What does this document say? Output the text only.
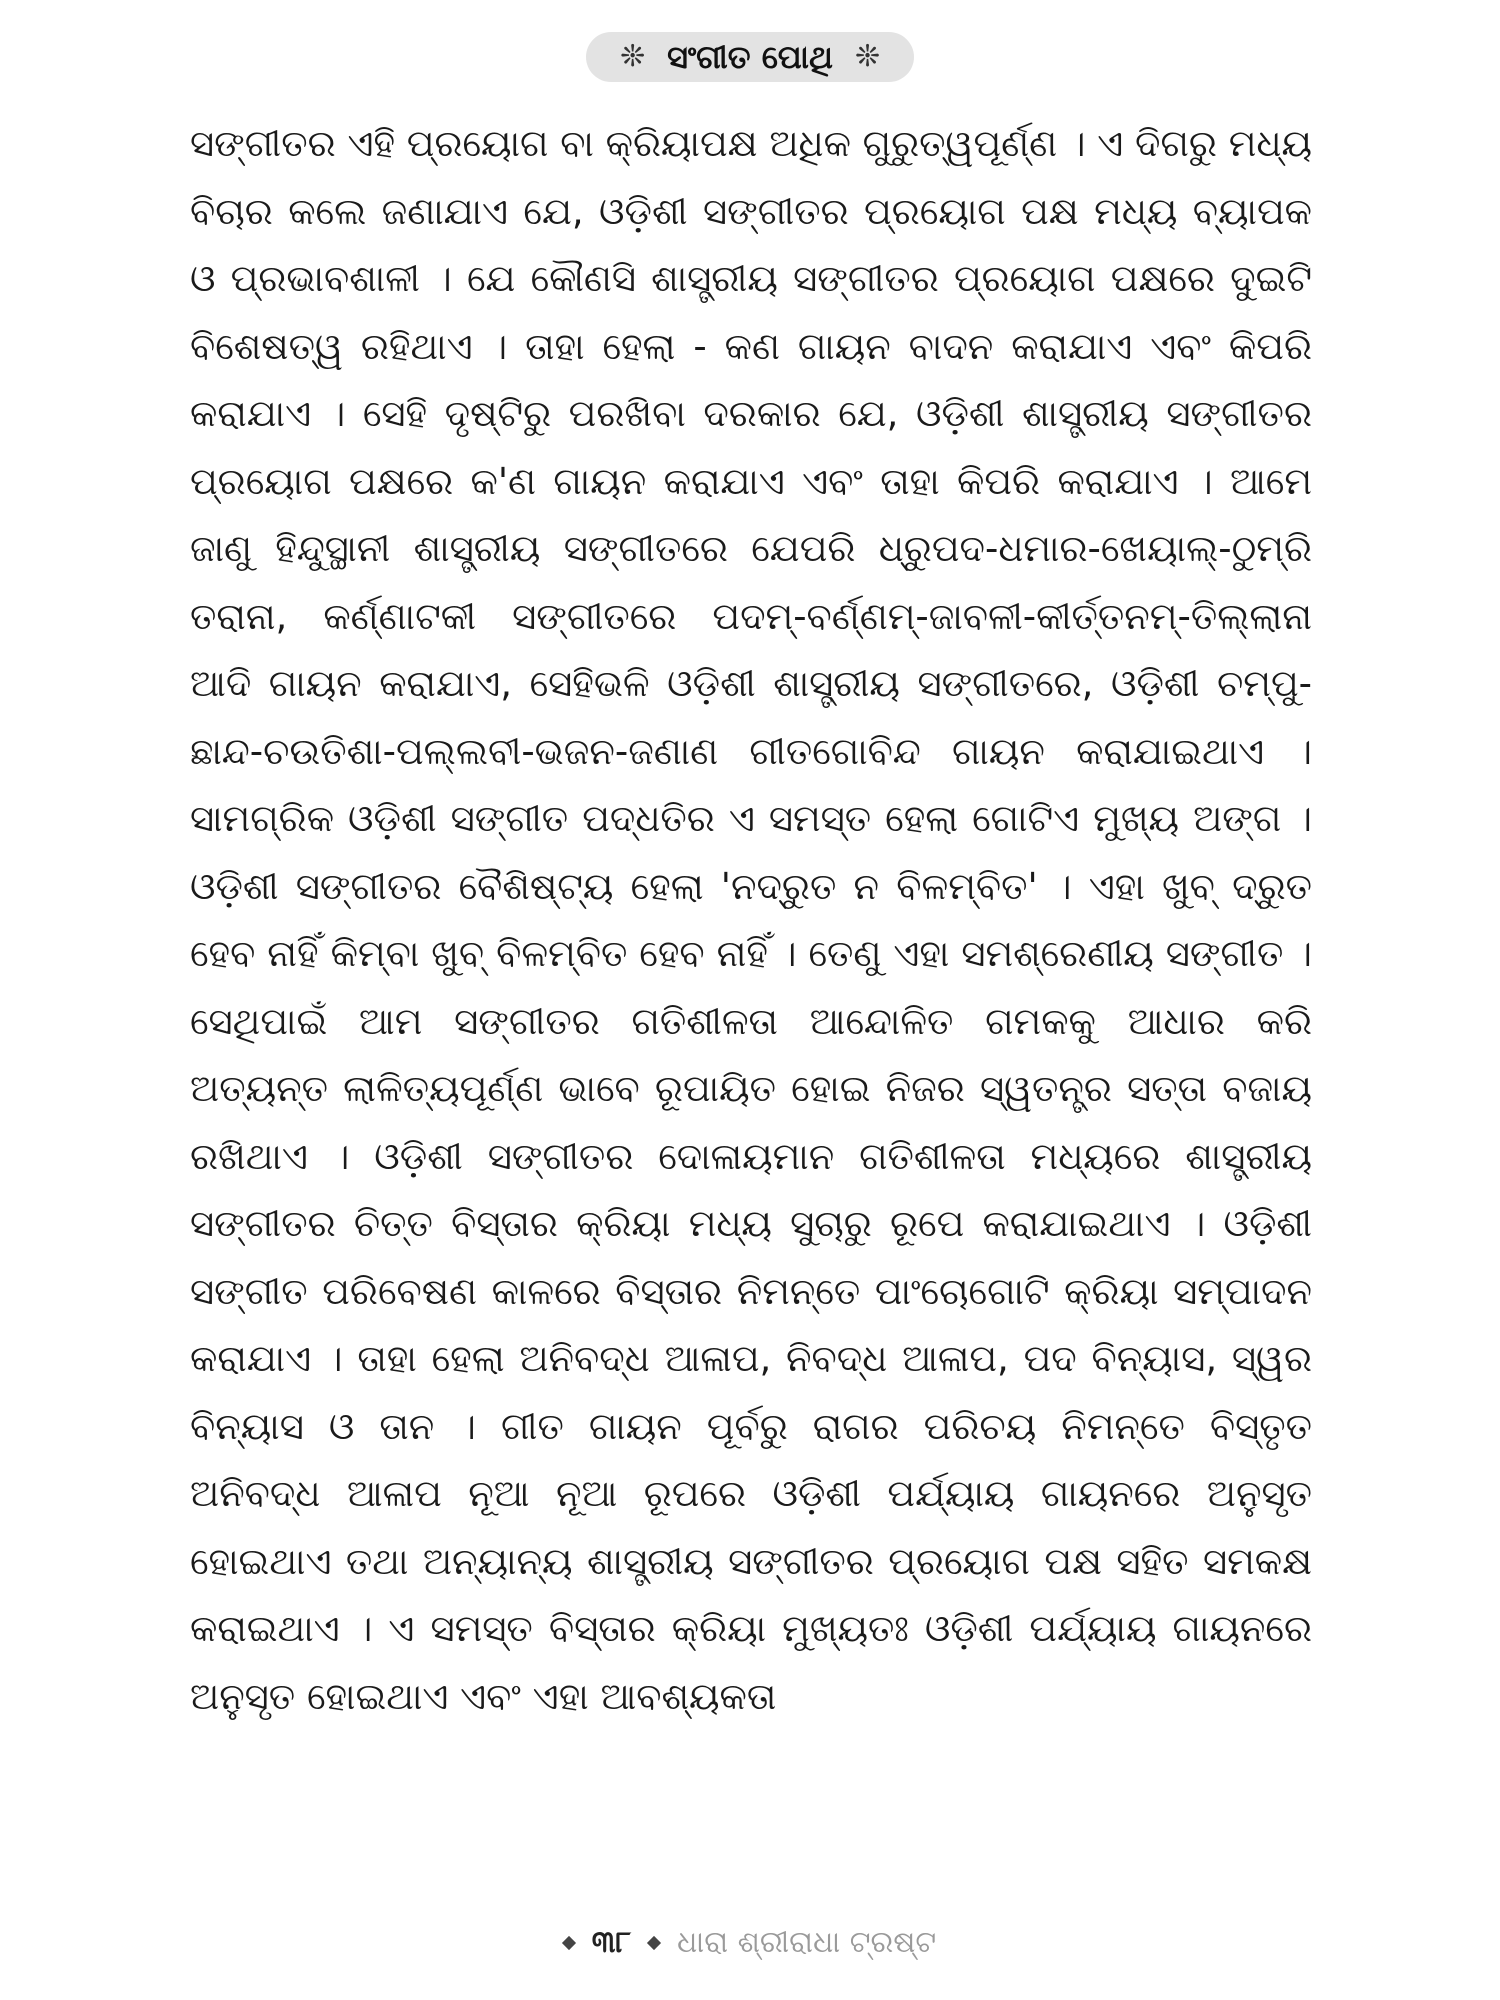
❊ ସଂଗୀତ ପୋଥି ❊

ସଙ୍ଗୀତର ଏହି ପ୍ରୟୋଗ ବା କ୍ରିୟାପକ୍ଷ ଅଧିକ ଗୁରୁତ୍ୱପୂର୍ଣ୍ଣ । ଏ ଦିଗରୁ ମଧ୍ୟ ବିଚାର କଲେ ଜଣାଯାଏ ଯେ, ଓଡ଼ିଶୀ ସଙ୍ଗୀତର ପ୍ରୟୋଗ ପକ୍ଷ ମଧ୍ୟ ବ୍ୟାପକ ଓ ପ୍ରଭାବଶାଳୀ । ଯେ କୌଣସି ଶାସ୍ତ୍ରୀୟ ସଙ୍ଗୀତର ପ୍ରୟୋଗ ପକ୍ଷରେ ଦୁଇଟି ବିଶେଷତ୍ୱ ରହିଥାଏ । ତାହା ହେଲା - କଣ ଗାୟନ ବାଦନ କରାଯାଏ ଏବଂ କିପରି କରାଯାଏ । ସେହି ଦୃଷ୍ଟିରୁ ପରଖିବା ଦରକାର ଯେ, ଓଡ଼ିଶୀ ଶାସ୍ତ୍ରୀୟ ସଙ୍ଗୀତର ପ୍ରୟୋଗ ପକ୍ଷରେ କ'ଣ ଗାୟନ କରାଯାଏ ଏବଂ ତାହା କିପରି କରାଯାଏ । ଆମେ ଜାଣୁ ହିନ୍ଦୁସ୍ଥାନୀ ଶାସ୍ତ୍ରୀୟ ସଙ୍ଗୀତରେ ଯେପରି ଧ୍ରୁପଦ-ଧମାର-ଖେୟାଲ୍-ଠୁମ୍‌ରି ତରାନା, କର୍ଣ୍ଣାଟକୀ ସଙ୍ଗୀତରେ ପଦମ୍-ବର୍ଣ୍ଣମ୍-ଜାବଳୀ-କୀର୍ତ୍ତନମ୍-ତିଲ୍ଲାନା ଆଦି ଗାୟନ କରାଯାଏ, ସେହିଭଳି ଓଡ଼ିଶୀ ଶାସ୍ତ୍ରୀୟ ସଙ୍ଗୀତରେ, ଓଡ଼ିଶୀ ଚମ୍ପୁ-ଛାନ୍ଦ-ଚଉତିଶା-ପଲ୍ଲବୀ-ଭଜନ-ଜଣାଣ ଗୀତଗୋବିନ୍ଦ ଗାୟନ କରାଯାଇଥାଏ । ସାମଗ୍ରିକ ଓଡ଼ିଶୀ ସଙ୍ଗୀତ ପଦ୍ଧତିର ଏ ସମସ୍ତ ହେଲା ଗୋଟିଏ ମୁଖ୍ୟ ଅଙ୍ଗ । ଓଡ଼ିଶୀ ସଙ୍ଗୀତର ବୈଶିଷ୍ଟ୍ୟ ହେଲା 'ନଦ୍ରୁତ ନ ବିଳମ୍ବିତ' । ଏହା ଖୁବ୍ ଦ୍ରୁତ ହେବ ନାହିଁ କିମ୍ବା ଖୁବ୍ ବିଳମ୍ବିତ ହେବ ନାହିଁ । ତେଣୁ ଏହା ସମଶ୍ରେଣୀୟ ସଙ୍ଗୀତ । ସେଥିପାଇଁ ଆମ ସଙ୍ଗୀତର ଗତିଶୀଳତା ଆନ୍ଦୋଳିତ ଗମକକୁ ଆଧାର କରି ଅତ୍ୟନ୍ତ ଲାଳିତ୍ୟପୂର୍ଣ୍ଣ ଭାବେ ରୂପାୟିତ ହୋଇ ନିଜର ସ୍ୱତନ୍ତ୍ର ସତ୍ତା ବଜାୟ ରଖିଥାଏ । ଓଡ଼ିଶୀ ସଙ୍ଗୀତର ଦୋଳାୟମାନ ଗତିଶୀଳତା ମଧ୍ୟରେ ଶାସ୍ତ୍ରୀୟ ସଙ୍ଗୀତର ଚିତ୍ତ ବିସ୍ତାର କ୍ରିୟା ମଧ୍ୟ ସୁଚାରୁ ରୂପେ କରାଯାଇଥାଏ । ଓଡ଼ିଶୀ ସଙ୍ଗୀତ ପରିବେଷଣ କାଳରେ ବିସ୍ତାର ନିମନ୍ତେ ପାଂଚୋଗୋଟି କ୍ରିୟା ସମ୍ପାଦନ କରାଯାଏ । ତାହା ହେଲା ଅନିବଦ୍ଧ ଆଳାପ, ନିବଦ୍ଧ ଆଳାପ, ପଦ ବିନ୍ୟାସ, ସ୍ୱର ବିନ୍ୟାସ ଓ ତାନ । ଗୀତ ଗାୟନ ପୂର୍ବରୁ ରାଗର ପରିଚୟ ନିମନ୍ତେ ବିସ୍ତୃତ ଅନିବଦ୍ଧ ଆଳାପ ନୂଆ ନୂଆ ରୂପରେ ଓଡ଼ିଶୀ ପର୍ଯ୍ୟାୟ ଗାୟନରେ ଅନୁସୃତ ହୋଇଥାଏ ତଥା ଅନ୍ୟାନ୍ୟ ଶାସ୍ତ୍ରୀୟ ସଙ୍ଗୀତର ପ୍ରୟୋଗ ପକ୍ଷ ସହିତ ସମକକ୍ଷ କରାଇଥାଏ । ଏ ସମସ୍ତ ବିସ୍ତାର କ୍ରିୟା ମୁଖ୍ୟତଃ ଓଡ଼ିଶୀ ପର୍ଯ୍ୟାୟ ଗାୟନରେ ଅନୁସୃତ ହୋଇଥାଏ ଏବଂ ଏହା ଆବଶ୍ୟକତା

୩୮ ଧାରା ଶ୍ରୀରାଧା ଟ୍ରଷ୍ଟ
